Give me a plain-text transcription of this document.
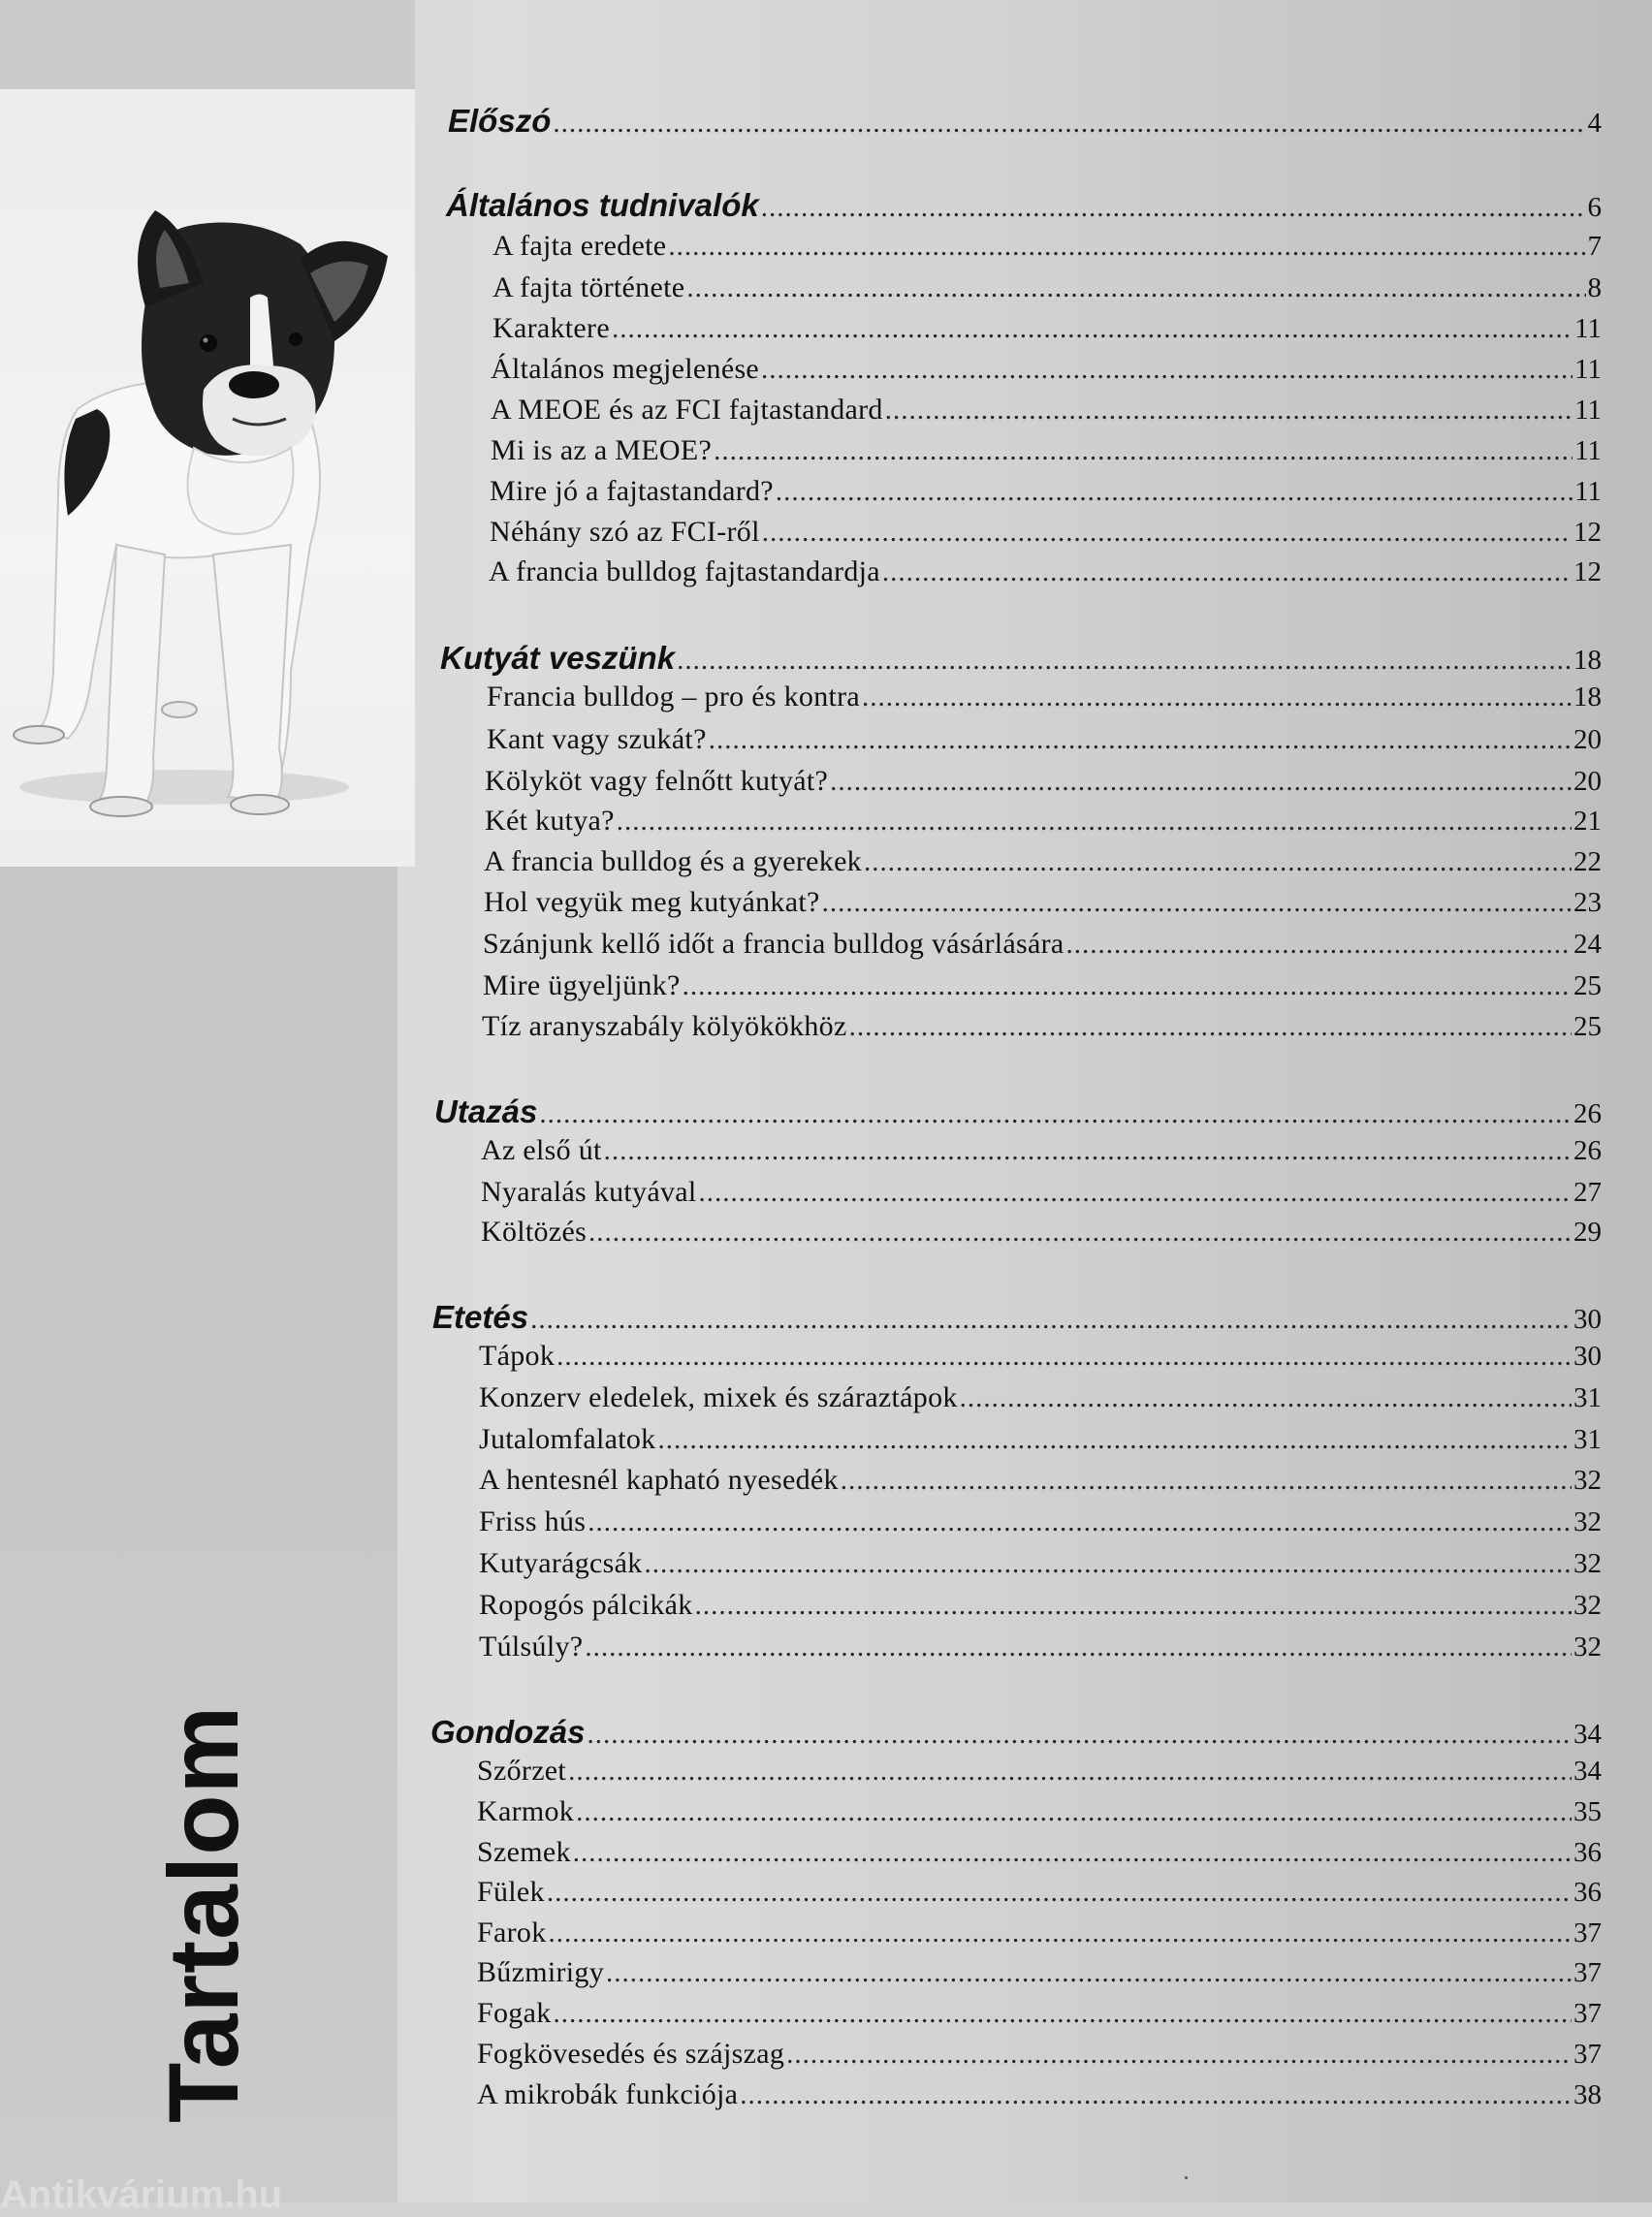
Tartalom
Antikvárium.hu
Előszó .....	4
Általános tudnivalók .....	6
A fajta eredete .....	7
A fajta története .....	8
Karaktere .....	11
Általános megjelenése .....	11
A MEOE és az FCI fajtastandard .....	11
Mi is az a MEOE? .....	11
Mire jó a fajtastandard? .....	11
Néhány szó az FCI-ről .....	12
A francia bulldog fajtastandardja .....	12
Kutyát veszünk .....	18
Francia bulldog – pro és kontra .....	18
Kant vagy szukát? .....	20
Kölyköt vagy felnőtt kutyát? .....	20
Két kutya? .....	21
A francia bulldog és a gyerekek .....	22
Hol vegyük meg kutyánkat? .....	23
Szánjunk kellő időt a francia bulldog vásárlására .....	24
Mire ügyeljünk? .....	25
Tíz aranyszabály kölyökökhöz .....	25
Utazás .....	26
Az első út .....	26
Nyaralás kutyával .....	27
Költözés .....	29
Etetés .....	30
Tápok .....	30
Konzerv eledelek, mixek és száraztápok .....	31
Jutalomfalatok .....	31
A hentesnél kapható nyesedék .....	32
Friss hús .....	32
Kutyarágcsák .....	32
Ropogós pálcikák .....	32
Túlsúly? .....	32
Gondozás .....	34
Szőrzet .....	34
Karmok .....	35
Szemek .....	36
Fülek .....	36
Farok .....	37
Bűzmirigy .....	37
Fogak .....	37
Fogkövesedés és szájszag .....	37
A mikrobák funkciója .....	38
